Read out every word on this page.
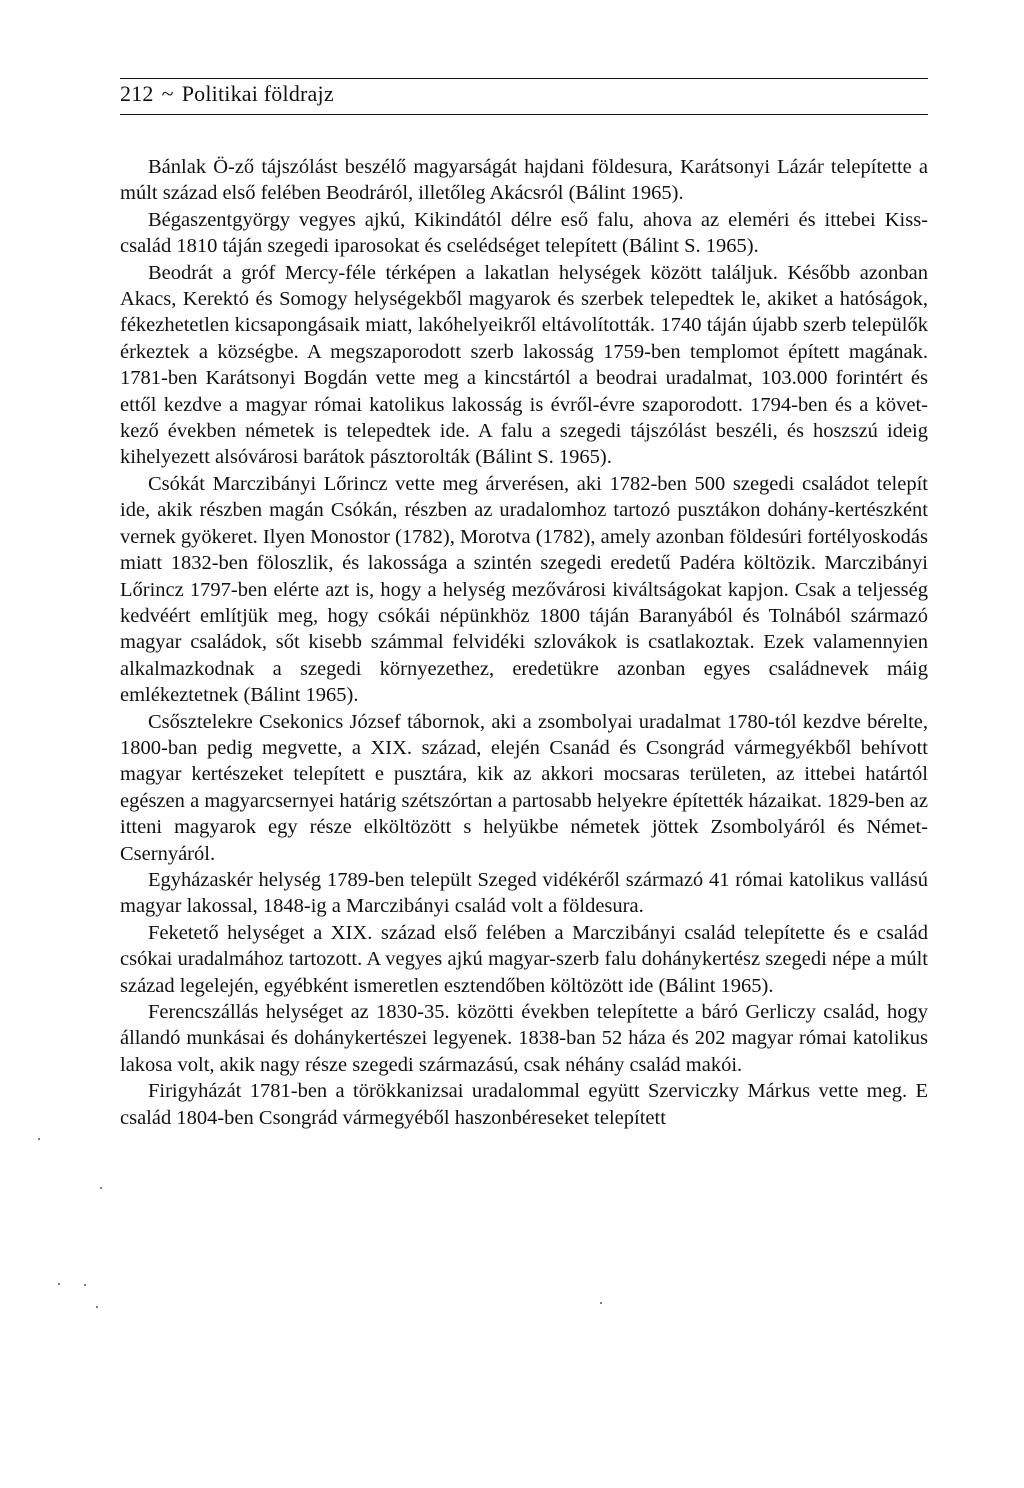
212 ~ Politikai földrajz

Bánlak Ö-ző tájszólást beszélő magyarságát hajdani földesura, Karátsonyi Lázár telepítette a múlt század első felében Beodráról, illetőleg Akácsról (Bálint 1965).

Bégaszentgyörgy vegyes ajkú, Kikindától délre eső falu, ahova az eleméri és ittebei Kiss-család 1810 táján szegedi iparosokat és cselédséget telepített (Bálint S. 1965).

Beodrát a gróf Mercy-féle térképen a lakatlan helységek között találjuk. Később azonban Akacs, Kerektó és Somogy helységekből magyarok és szerbek telepedtek le, akiket a hatóságok, fékezhetetlen kicsapongásaik miatt, lakóhelyeikről eltávolították. 1740 táján újabb szerb települők érkeztek a községbe. A megszaporodott szerb lakosság 1759-ben templomot épített magának. 1781-ben Karátsonyi Bogdán vette meg a kincstártól a beodrai uradalmat, 103.000 forintért és ettől kezdve a magyar római katolikus lakosság is évről-évre szaporodott. 1794-ben és a következő években németek is telepedtek ide. A falu a szegedi tájszólást beszéli, és hoszszú ideig kihelyezett alsóvárosi barátok pásztorolták (Bálint S. 1965).

Csókát Marczibányi Lőrincz vette meg árverésen, aki 1782-ben 500 szegedi családot telepít ide, akik részben magán Csókán, részben az uradalomhoz tartozó pusztákon dohány-kertészként vernek gyökeret. Ilyen Monostor (1782), Morotva (1782), amely azonban földesúri fortélyoskodás miatt 1832-ben föloszlik, és lakossága a szintén szegedi eredetű Padéra költözik. Marczibányi Lőrincz 1797-ben elérte azt is, hogy a helység mezővárosi kiváltságokat kapjon. Csak a teljesség kedvéért említjük meg, hogy csókái népünkhöz 1800 táján Baranyából és Tolnából származó magyar családok, sőt kisebb számmal felvidéki szlovákok is csatlakoztak. Ezek valamennyien alkalmazkodnak a szegedi környezethez, eredetükre azonban egyes családnevek máig emlékeztetnek (Bálint 1965).

Csősztelekre Csekonics József tábornok, aki a zsombolyai uradalmat 1780-tól kezdve bérelte, 1800-ban pedig megvette, a XIX. század, elején Csanád és Csongrád vármegyékből behívott magyar kertészeket telepített e pusztára, kik az akkori mocsaras területen, az ittebei határtól egészen a magyarcsernyei határig szétszórtan a partosabb helyekre építették házaikat. 1829-ben az itteni magyarok egy része elköltözött s helyükbe németek jöttek Zsombolyáról és Német-Csernyáról.

Egyházaskér helység 1789-ben települt Szeged vidékéről származó 41 római katolikus vallású magyar lakossal, 1848-ig a Marczibányi család volt a földesura.

Feketető helységet a XIX. század első felében a Marczibányi család telepítette és e család csókai uradalmához tartozott. A vegyes ajkú magyar-szerb falu dohánykertész szegedi népe a múlt század legelején, egyébként ismeretlen esztendőben költözött ide (Bálint 1965).

Ferencszállás helységet az 1830-35. közötti években telepítette a báró Gerliczy család, hogy állandó munkásai és dohánykertészei legyenek. 1838-ban 52 háza és 202 magyar római katolikus lakosa volt, akik nagy része szegedi származású, csak néhány család makói.

Firigyházát 1781-ben a törökkanizsai uradalommal együtt Szerviczky Márkus vette meg. E család 1804-ben Csongrád vármegyéből haszonbéreseket telepített
